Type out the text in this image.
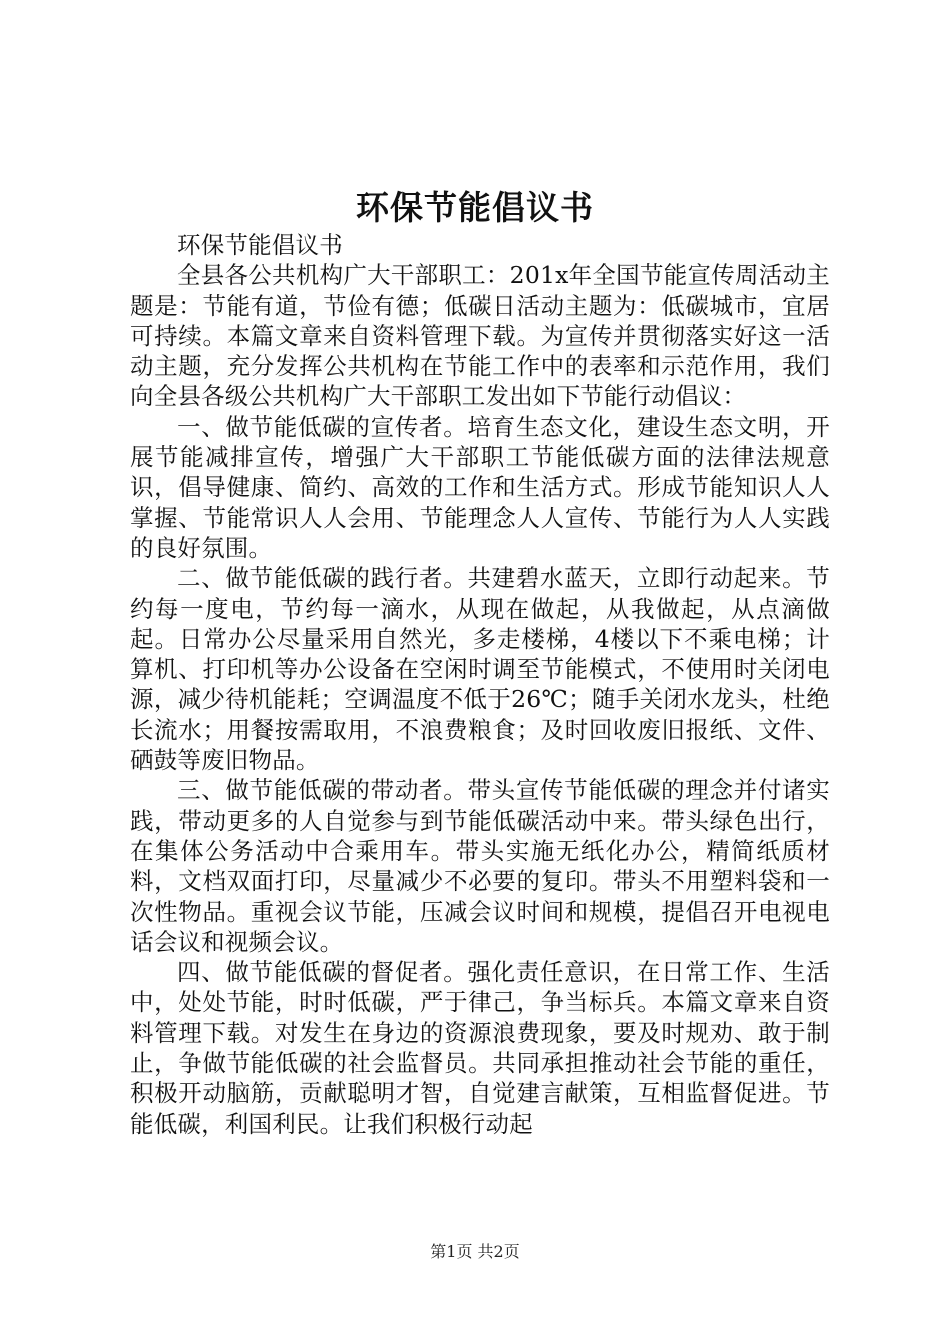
环保节能倡议书

环保节能倡议书

全县各公共机构广大干部职工：201x年全国节能宣传周活动主题是：节能有道，节俭有德；低碳日活动主题为：低碳城市，宜居可持续。本篇文章来自资料管理下载。为宣传并贯彻落实好这一活动主题，充分发挥公共机构在节能工作中的表率和示范作用，我们向全县各级公共机构广大干部职工发出如下节能行动倡议：

一、做节能低碳的宣传者。培育生态文化，建设生态文明，开展节能减排宣传，增强广大干部职工节能低碳方面的法律法规意识，倡导健康、简约、高效的工作和生活方式。形成节能知识人人掌握、节能常识人人会用、节能理念人人宣传、节能行为人人实践的良好氛围。

二、做节能低碳的践行者。共建碧水蓝天，立即行动起来。节约每一度电，节约每一滴水，从现在做起，从我做起，从点滴做起。日常办公尽量采用自然光，多走楼梯，4楼以下不乘电梯；计算机、打印机等办公设备在空闲时调至节能模式，不使用时关闭电源，减少待机能耗；空调温度不低于26℃；随手关闭水龙头，杜绝长流水；用餐按需取用，不浪费粮食；及时回收废旧报纸、文件、硒鼓等废旧物品。

三、做节能低碳的带动者。带头宣传节能低碳的理念并付诸实践，带动更多的人自觉参与到节能低碳活动中来。带头绿色出行，在集体公务活动中合乘用车。带头实施无纸化办公，精简纸质材料，文档双面打印，尽量减少不必要的复印。带头不用塑料袋和一次性物品。重视会议节能，压减会议时间和规模，提倡召开电视电话会议和视频会议。

四、做节能低碳的督促者。强化责任意识，在日常工作、生活中，处处节能，时时低碳，严于律己，争当标兵。本篇文章来自资料管理下载。对发生在身边的资源浪费现象，要及时规劝、敢于制止，争做节能低碳的社会监督员。共同承担推动社会节能的重任，积极开动脑筋，贡献聪明才智，自觉建言献策，互相监督促进。节能低碳，利国利民。让我们积极行动起

第1页 共2页
